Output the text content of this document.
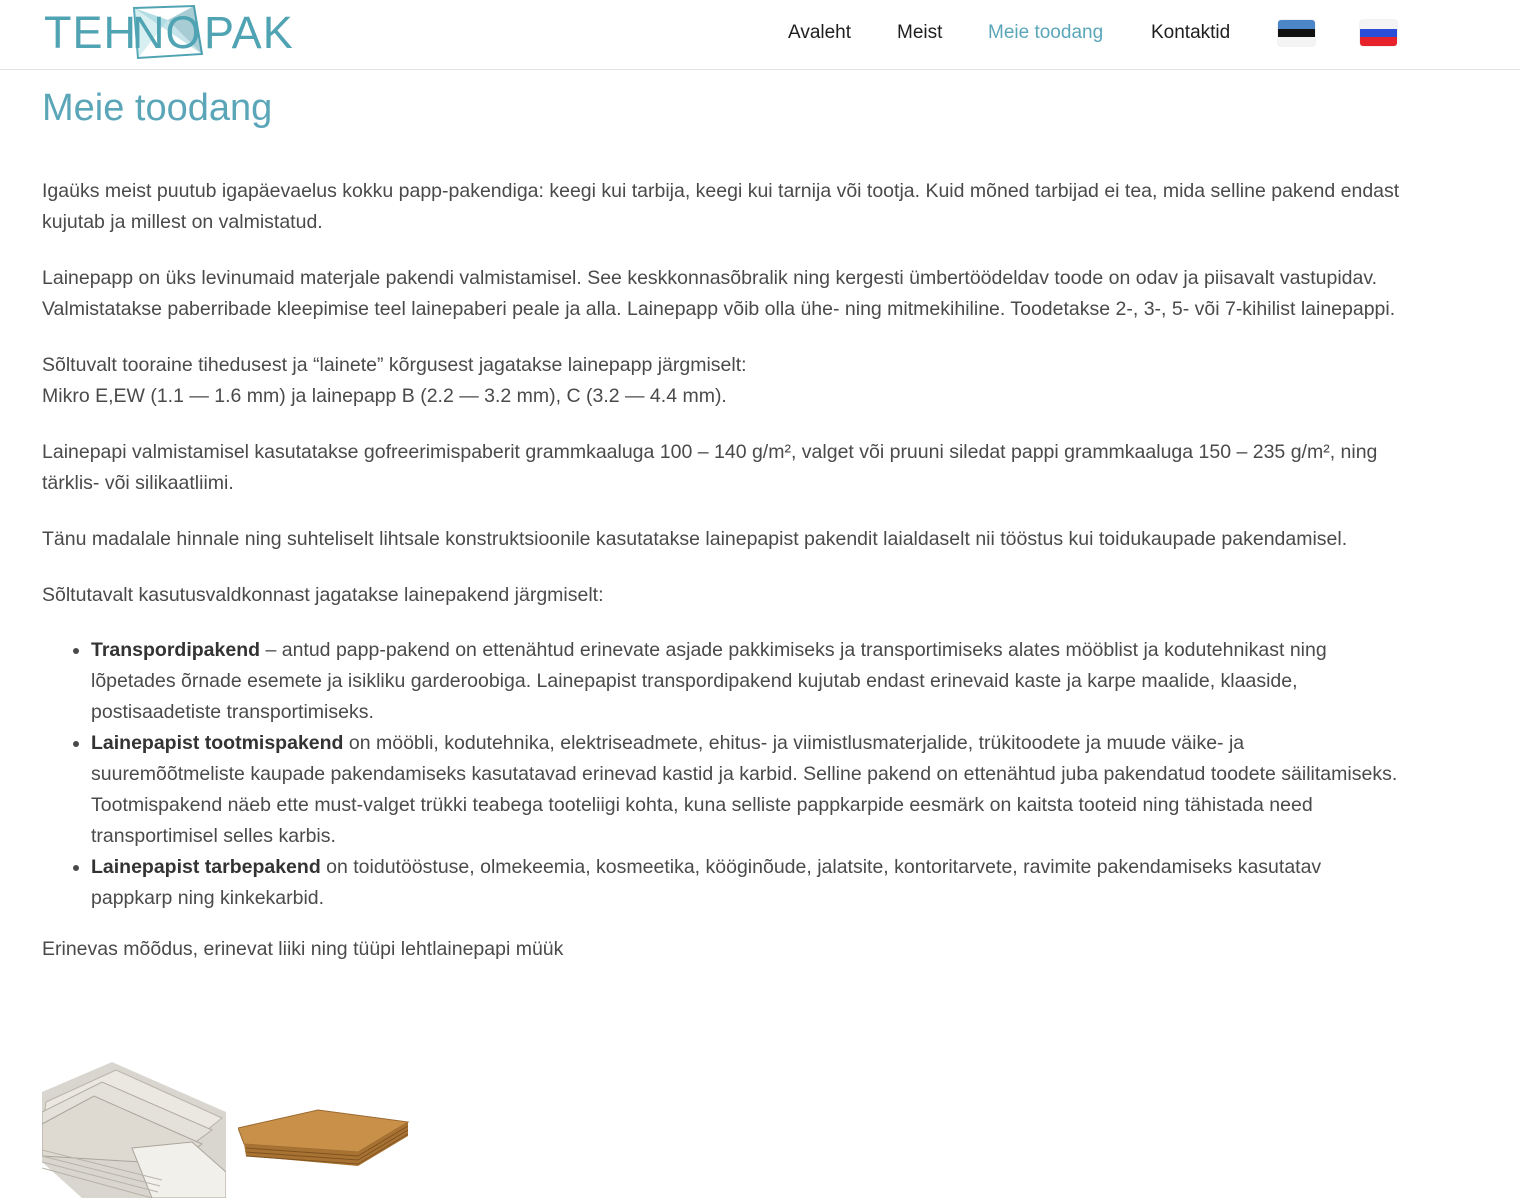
TEH
NO PAK	Avaleht Meist Meie toodang	Kontaktid
Meie toodang

Igaüks meist puutub igapäevaelus kokku papp-pakendiga: keegi kui tarbija, keegi kui tarnija või tootja. Kuid mõned tarbijad ei tea, mida selline pakend endast kujutab ja millest on valmistatud.

Lainepapp on üks levinumaid materjale pakendi valmistamisel. See keskkonnasõbralik ning kergesti ümbertöödeldav toode on odav ja piisavalt vastupidav. Valmistatakse paberribade kleepimise teel lainepaberi peale ja alla. Lainepapp võib olla ühe- ning mitmekihiline. Toodetakse 2-, 3-, 5- või 7-kihilist lainepappi.

Sõltuvalt tooraine tihedusest ja “lainete” kõrgusest jagatakse lainepapp järgmiselt:
Mikro E,EW (1.1 — 1.6 mm) ja lainepapp B (2.2 — 3.2 mm), C (3.2 — 4.4 mm).

Lainepapi valmistamisel kasutatakse gofreerimispaberit grammkaaluga 100 – 140 g/m², valget või pruuni siledat pappi grammkaaluga 150 – 235 g/m², ning tärklis- või silikaatliimi.

Tänu madalale hinnale ning suhteliselt lihtsale konstruktsioonile kasutatakse lainepapist pakendit laialdaselt nii tööstus kui toidukaupade pakendamisel.

Sõltutavalt kasutusvaldkonnast jagatakse lainepakend järgmiselt:

• Transpordipakend – antud papp-pakend on ettenähtud erinevate asjade pakkimiseks ja transportimiseks alates mööblist ja kodutehnikast ning lõpetades õrnade esemete ja isikliku garderoobiga. Lainepapist transpordipakend kujutab endast erinevaid kaste ja karpe maalide, klaaside, postisaadetiste transportimiseks.
• Lainepapist tootmispakend on mööbli, kodutehnika, elektriseadmete, ehitus- ja viimistlusmaterjalide, trükitoodete ja muude väike- ja suuremõõtmeliste kaupade pakendamiseks kasutatavad erinevad kastid ja karbid. Selline pakend on ettenähtud juba pakendatud toodete säilitamiseks. Tootmispakend näeb ette must-valget trükki teabega tooteliigi kohta, kuna selliste pappkarpide eesmärk on kaitsta tooteid ning tähistada need transportimisel selles karbis.
• Lainepapist tarbepakend on toidutööstuse, olmekeemia, kosmeetika, kööginõude, jalatsite, kontoritarvete, ravimite pakendamiseks kasutatav pappkarp ning kinkekarbid.

Erinevas mõõdus, erinevat liiki ning tüüpi lehtlainepapi müük
